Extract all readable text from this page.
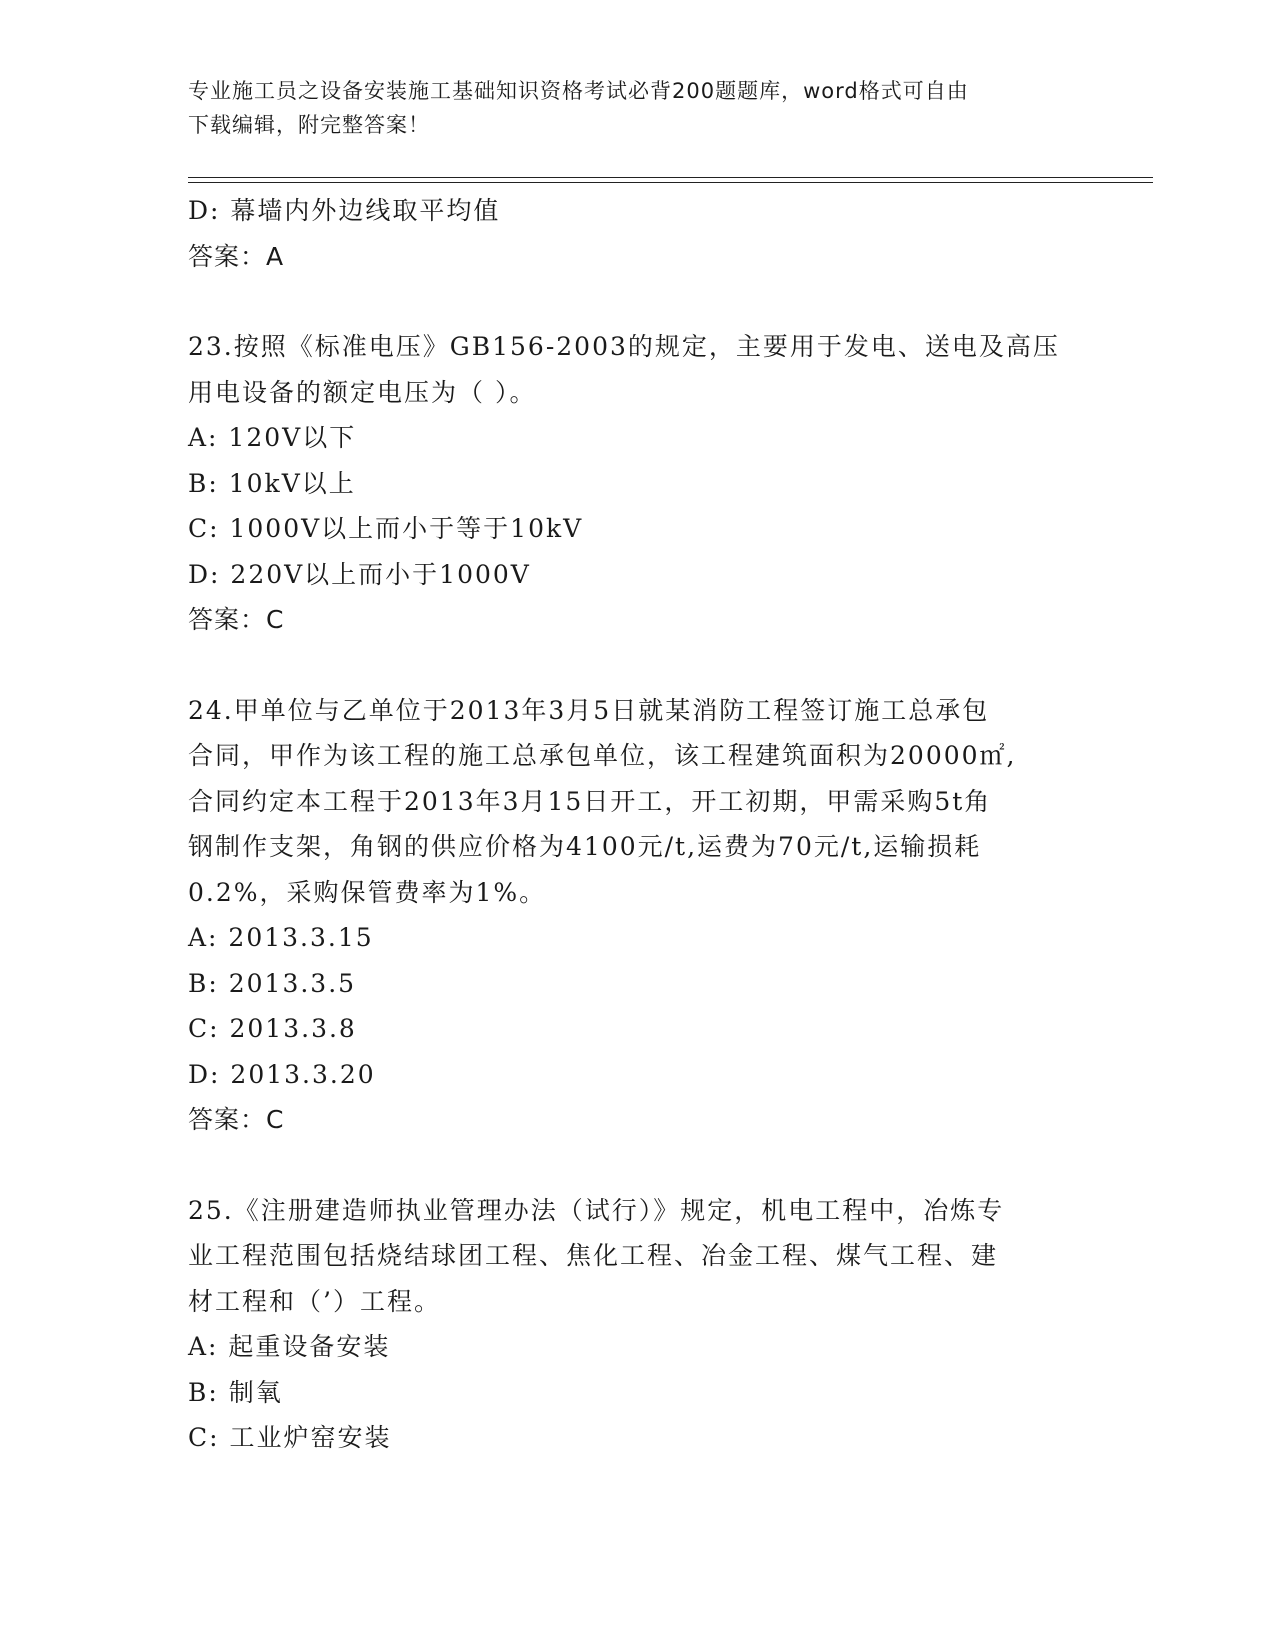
专业施工员之设备安装施工基础知识资格考试必背200题题库，word格式可自由
下载编辑，附完整答案！
D: 幕墙内外边线取平均值
答案：A
23.按照《标准电压》GB156-2003的规定，主要用于发电、送电及高压
用电设备的额定电压为（ ）。
A: 120V以下
B: 10kV以上
C: 1000V以上而小于等于10kV
D: 220V以上而小于1000V
答案：C
24.甲单位与乙单位于2013年3月5日就某消防工程签订施工总承包
合同，甲作为该工程的施工总承包单位，该工程建筑面积为20000㎡,
合同约定本工程于2013年3月15日开工，开工初期，甲需采购5t角
钢制作支架，角钢的供应价格为4100元/t,运费为70元/t,运输损耗
0.2%，采购保管费率为1%。
A: 2013.3.15
B: 2013.3.5
C: 2013.3.8
D: 2013.3.20
答案：C
25.《注册建造师执业管理办法（试行）》规定，机电工程中，冶炼专
业工程范围包括烧结球团工程、焦化工程、冶金工程、煤气工程、建
材工程和（’）工程。
A: 起重设备安装
B: 制氧
C: 工业炉窑安装
